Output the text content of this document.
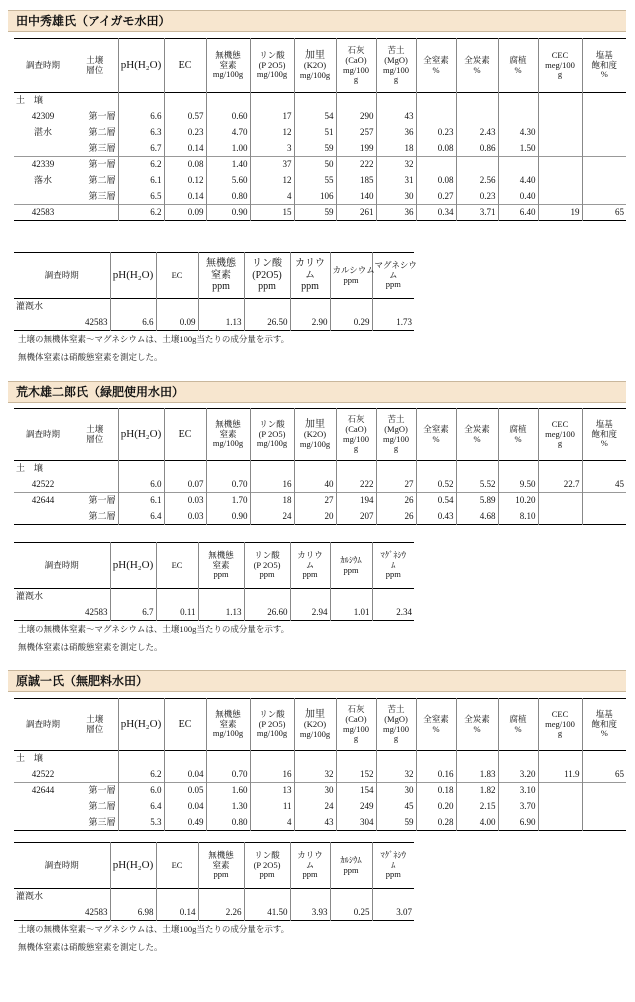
田中秀雄氏（アイガモ水田）
調査時期	土壌
層位	pH(H₂O)	EC	無機態
窒素
mg/100g	リン酸
(P 2O5)
mg/100g	加里
(K2O)
mg/100g	石灰
(CaO)
mg/100
g	苦土
(MgO)
mg/100
g	全窒素
%	全炭素
%	腐植
%	CEC
meg/100
g	塩基
飽和度
%
土　壌													
42309	第一層	6.6	0.57	0.60	17	54	290	43					
湛水	第二層	6.3	0.23	4.70	12	51	257	36	0.23	2.43	4.30		
	第三層	6.7	0.14	1.00	3	59	199	18	0.08	0.86	1.50		
42339	第一層	6.2	0.08	1.40	37	50	222	32					
落水	第二層	6.1	0.12	5.60	12	55	185	31	0.08	2.56	4.40		
	第三層	6.5	0.14	0.80	4	106	140	30	0.27	0.23	0.40		
42583		6.2	0.09	0.90	15	59	261	36	0.34	3.71	6.40	19	65
調査時期	pH(H₂O)	EC	無機態
窒素
ppm	リン酸
(P2O5)
ppm	カリウ
ム
ppm	カルシウム
ppm	マグネシウ
ム
ppm
灌漑水							
42583	6.6	0.09	1.13	26.50	2.90	0.29	1.73
土壌の無機体窒素～マグネシウムは、土壌100g当たりの成分量を示す。
無機体窒素は硝酸態窒素を測定した。
荒木雄二郎氏（緑肥使用水田）
調査時期	土壌
層位	pH(H₂O)	EC	無機態
窒素
mg/100g	リン酸
(P 2O5)
mg/100g	加里
(K2O)
mg/100g	石灰
(CaO)
mg/100
g	苦土
(MgO)
mg/100
g	全窒素
%	全炭素
%	腐植
%	CEC
meg/100
g	塩基
飽和度
%
土　壌													
42522		6.0	0.07	0.70	16	40	222	27	0.52	5.52	9.50	22.7	45
42644	第一層	6.1	0.03	1.70	18	27	194	26	0.54	5.89	10.20		
	第二層	6.4	0.03	0.90	24	20	207	26	0.43	4.68	8.10		
調査時期	pH(H₂O)	EC	無機態
窒素
ppm	リン酸
(P 2O5)
ppm	カリウ
ム
ppm	ｶﾙｼｳﾑ
ppm	ﾏｸﾞﾈｼｳ
ﾑ
ppm
灌漑水							
42583	6.7	0.11	1.13	26.60	2.94	1.01	2.34
土壌の無機体窒素～マグネシウムは、土壌100g当たりの成分量を示す。
無機体窒素は硝酸態窒素を測定した。
原誠一氏（無肥料水田）
調査時期	土壌
層位	pH(H₂O)	EC	無機態
窒素
mg/100g	リン酸
(P 2O5)
mg/100g	加里
(K2O)
mg/100g	石灰
(CaO)
mg/100
g	苦土
(MgO)
mg/100
g	全窒素
%	全炭素
%	腐植
%	CEC
meg/100
g	塩基
飽和度
%
土　壌													
42522		6.2	0.04	0.70	16	32	152	32	0.16	1.83	3.20	11.9	65
42644	第一層	6.0	0.05	1.60	13	30	154	30	0.18	1.82	3.10		
	第二層	6.4	0.04	1.30	11	24	249	45	0.20	2.15	3.70		
	第三層	5.3	0.49	0.80	4	43	304	59	0.28	4.00	6.90		
調査時期	pH(H₂O)	EC	無機態
窒素
ppm	リン酸
(P 2O5)
ppm	カリウ
ム
ppm	ｶﾙｼｳﾑ
ppm	ﾏｸﾞﾈｼｳ
ﾑ
ppm
灌漑水							
42583	6.98	0.14	2.26	41.50	3.93	0.25	3.07
土壌の無機体窒素～マグネシウムは、土壌100g当たりの成分量を示す。
無機体窒素は硝酸態窒素を測定した。
